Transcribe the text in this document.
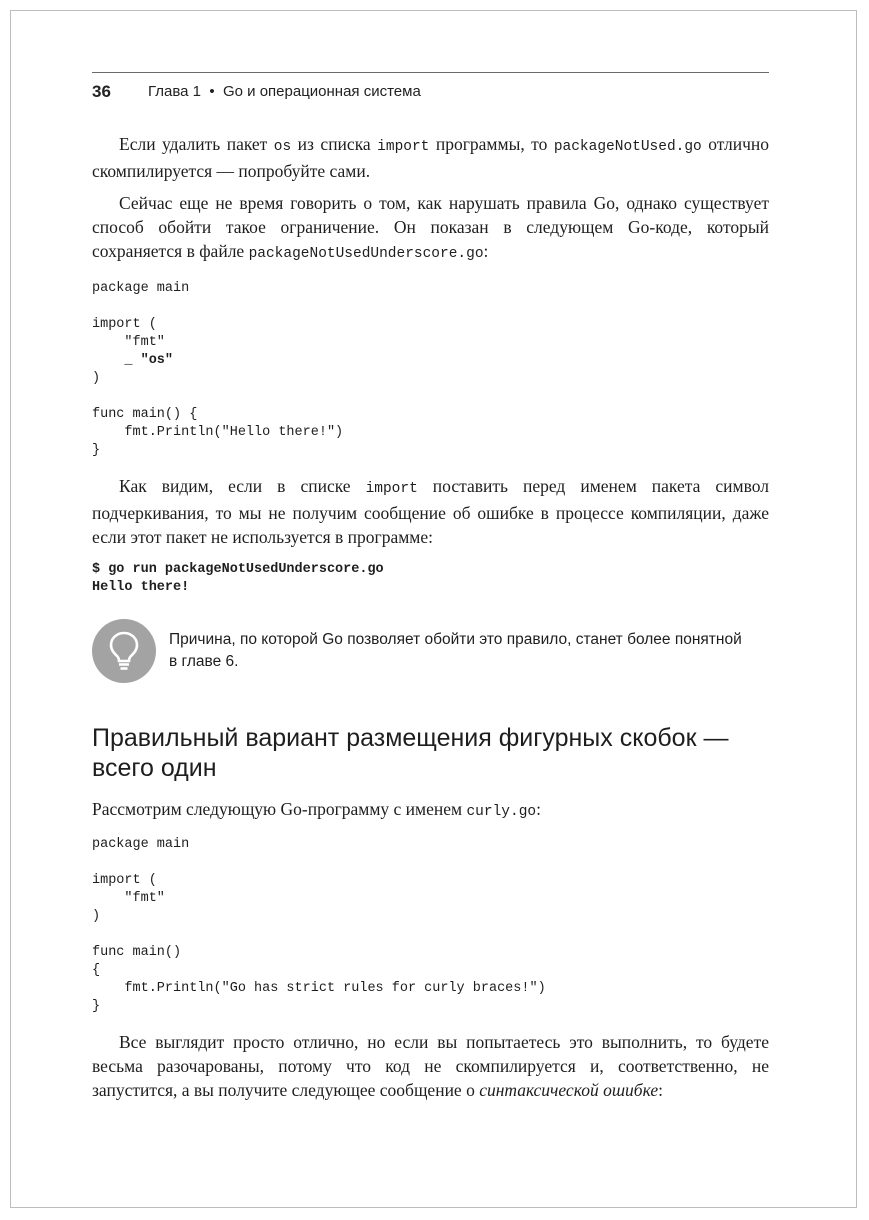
36 Глава 1 • Go и операционная система

Если удалить пакет os из списка import программы, то packageNotUsed.go отлично скомпилируется — попробуйте сами.

Сейчас еще не время говорить о том, как нарушать правила Go, однако существует способ обойти такое ограничение. Он показан в следующем Go-коде, который сохраняется в файле packageNotUsedUnderscore.go:

package main

import (
"fmt"
_ "os"
)

func main() {
fmt.Println("Hello there!")
}

Как видим, если в списке import поставить перед именем пакета символ подчеркивания, то мы не получим сообщение об ошибке в процессе компиляции, даже если этот пакет не используется в программе:

$ go run packageNotUsedUnderscore.go
Hello there!
Причина, по которой Go позволяет обойти это правило, станет более понятной в главе 6.
Правильный вариант размещения фигурных скобок — всего один

Рассмотрим следующую Go-программу с именем curly.go:

package main

import (
"fmt"
)

func main()
{
fmt.Println("Go has strict rules for curly braces!")
}

Все выглядит просто отлично, но если вы попытаетесь это выполнить, то будете весьма разочарованы, потому что код не скомпилируется и, соответственно, не запустится, а вы получите следующее сообщение о синтаксической ошибке:
